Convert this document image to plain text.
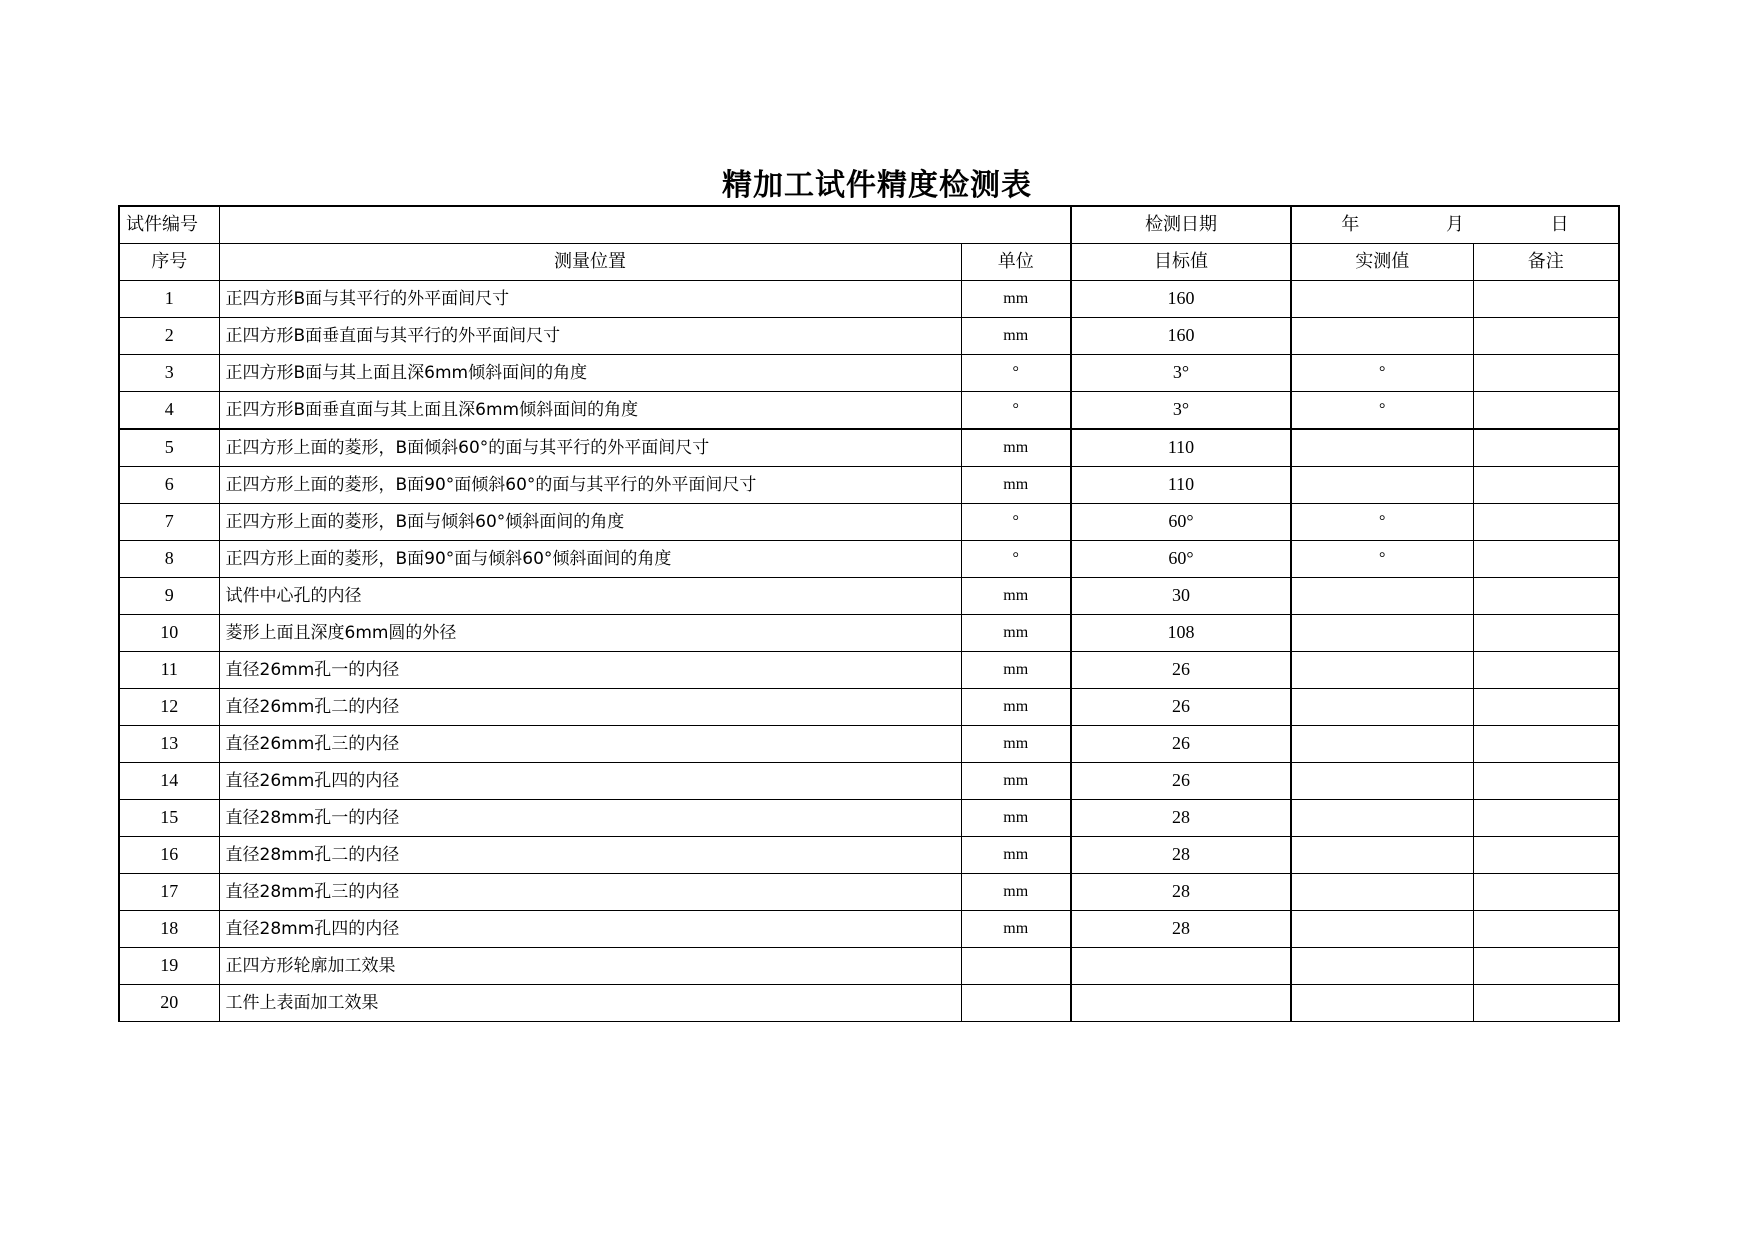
精加工试件精度检测表
试件编号			检测日期	年 月 日	

序号	测量位置	单位	目标值	实测值	备注
1	正四方形B面与其平行的外平面间尺寸	mm	160		
2	正四方形B面垂直面与其平行的外平面间尺寸	mm	160		
3	正四方形B面与其上面且深6mm倾斜面间的角度	°	3°	°	
4	正四方形B面垂直面与其上面且深6mm倾斜面间的角度	°	3°	°	
5	正四方形上面的菱形，B面倾斜60°的面与其平行的外平面间尺寸	mm	110		
6	正四方形上面的菱形，B面90°面倾斜60°的面与其平行的外平面间尺寸	mm	110		
7	正四方形上面的菱形，B面与倾斜60°倾斜面间的角度	°	60°	°	
8	正四方形上面的菱形，B面90°面与倾斜60°倾斜面间的角度	°	60°	°	
9	试件中心孔的内径	mm	30		
10	菱形上面且深度6mm圆的外径	mm	108		
11	直径26mm孔一的内径	mm	26		
12	直径26mm孔二的内径	mm	26		
13	直径26mm孔三的内径	mm	26		
14	直径26mm孔四的内径	mm	26		
15	直径28mm孔一的内径	mm	28		
16	直径28mm孔二的内径	mm	28		
17	直径28mm孔三的内径	mm	28		
18	直径28mm孔四的内径	mm	28		
19	正四方形轮廓加工效果				
20	工件上表面加工效果				
